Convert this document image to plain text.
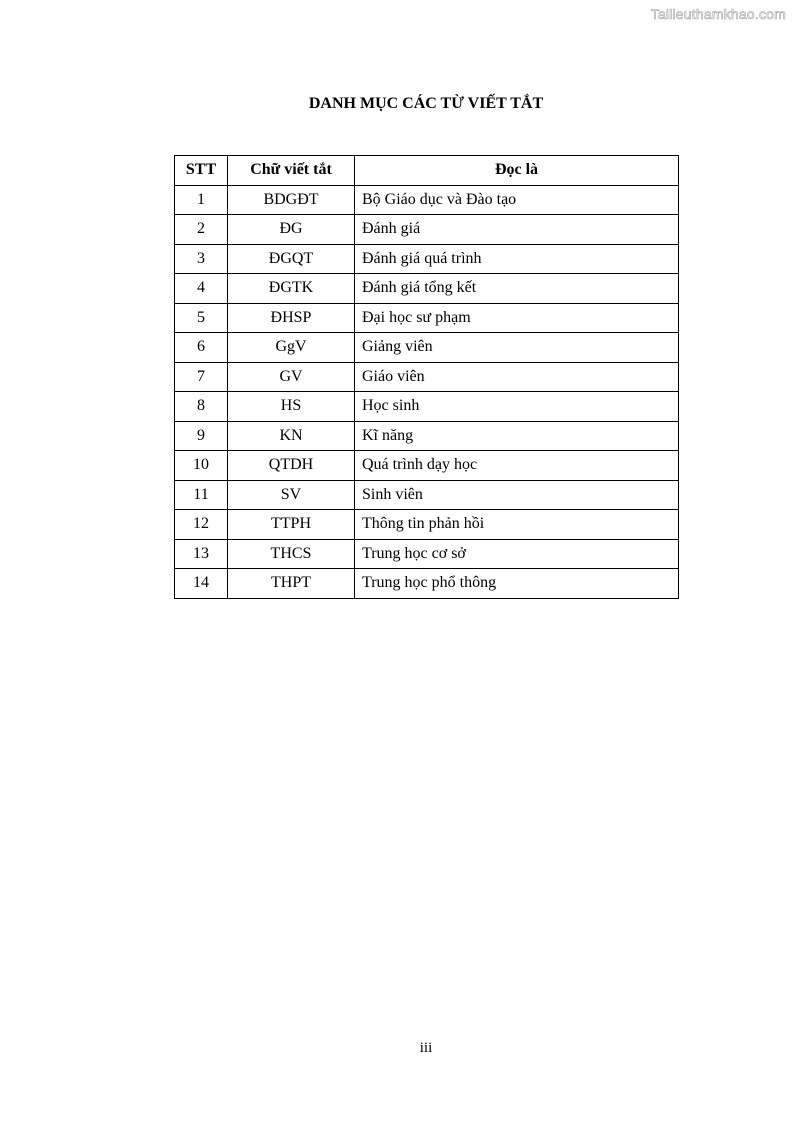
Tailieuthamkhao.com
DANH MỤC CÁC TỪ VIẾT TẮT
STT	Chữ viết tắt	Đọc là
1	BDGĐT	Bộ Giáo dục và Đào tạo
2	ĐG	Đánh giá
3	ĐGQT	Đánh giá quá trình
4	ĐGTK	Đánh giá tổng kết
5	ĐHSP	Đại học sư phạm
6	GgV	Giảng viên
7	GV	Giáo viên
8	HS	Học sinh
9	KN	Kĩ năng
10	QTDH	Quá trình dạy học
11	SV	Sinh viên
12	TTPH	Thông tin phản hồi
13	THCS	Trung học cơ sở
14	THPT	Trung học phổ thông
iii
